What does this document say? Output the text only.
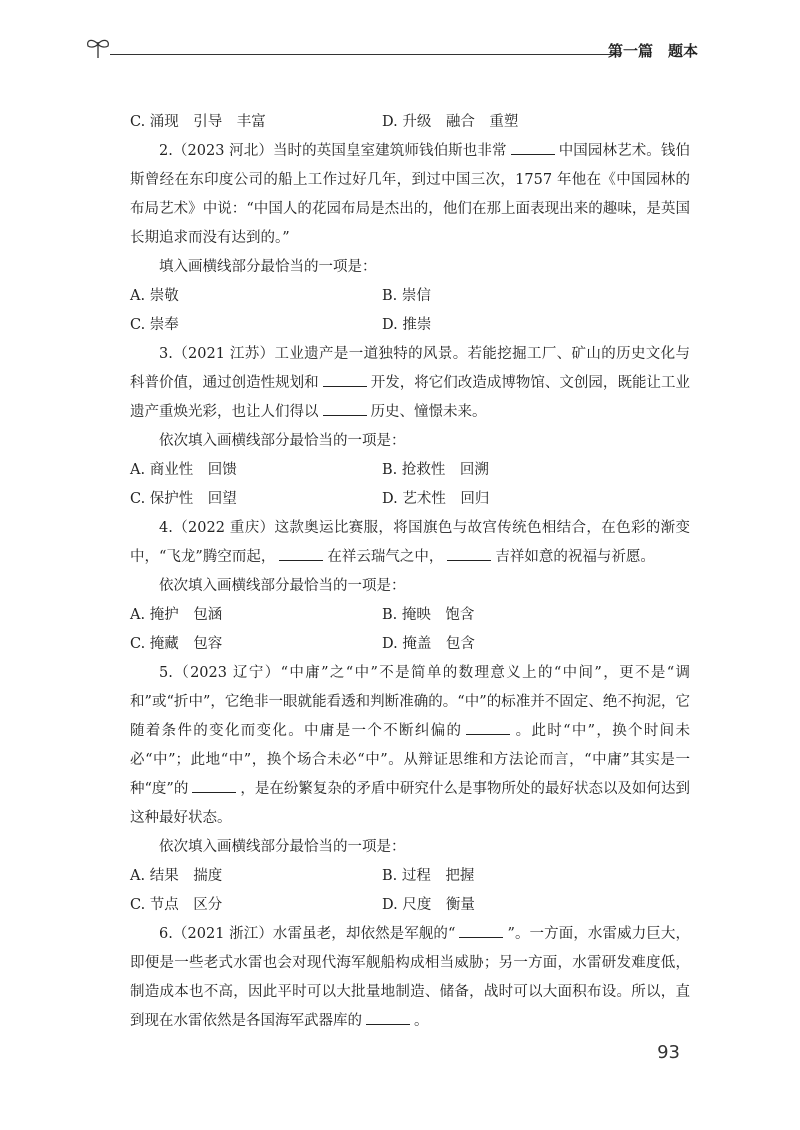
第一篇　题本
C. 涌现　引导　丰富	D. 升级　融合　重塑

2.（2023 河北）当时的英国皇室建筑师钱伯斯也非常	中国园林艺术。钱伯斯曾经在东印度公司的船上工作过好几年，到过中国三次，1757 年他在《中国园林的布局艺术》中说：“中国人的花园布局是杰出的，他们在那上面表现出来的趣味，是英国长期追求而没有达到的。”

填入画横线部分最恰当的一项是：

A. 崇敬	B. 崇信
C. 崇奉	D. 推崇

3.（2021 江苏）工业遗产是一道独特的风景。若能挖掘工厂、矿山的历史文化与科普价值，通过创造性规划和	开发，将它们改造成博物馆、文创园，既能让工业遗产重焕光彩，也让人们得以	历史、憧憬未来。

依次填入画横线部分最恰当的一项是：

A. 商业性　回馈	B. 抢救性　回溯
C. 保护性　回望	D. 艺术性　回归

4.（2022 重庆）这款奥运比赛服，将国旗色与故宫传统色相结合，在色彩的渐变中，“飞龙”腾空而起，	在祥云瑞气之中，	吉祥如意的祝福与祈愿。

依次填入画横线部分最恰当的一项是：

A. 掩护　包涵	B. 掩映　饱含
C. 掩藏　包容	D. 掩盖　包含

5.（2023 辽宁）“中庸”之“中”不是简单的数理意义上的“中间”，更不是“调和”或“折中”，它绝非一眼就能看透和判断准确的。“中”的标准并不固定、绝不拘泥，它随着条件的变化而变化。中庸是一个不断纠偏的	。此时“中”，换个时间未必“中”；此地“中”，换个场合未必“中”。从辩证思维和方法论而言，“中庸”其实是一种“度”的	，是在纷繁复杂的矛盾中研究什么是事物所处的最好状态以及如何达到这种最好状态。

依次填入画横线部分最恰当的一项是：

A. 结果　揣度	B. 过程　把握
C. 节点　区分	D. 尺度　衡量

6.（2021 浙江）水雷虽老，却依然是军舰的“	”。一方面，水雷威力巨大，即便是一些老式水雷也会对现代海军舰船构成相当威胁；另一方面，水雷研发难度低，制造成本也不高，因此平时可以大批量地制造、储备，战时可以大面积布设。所以，直到现在水雷依然是各国海军武器库的	。

93
